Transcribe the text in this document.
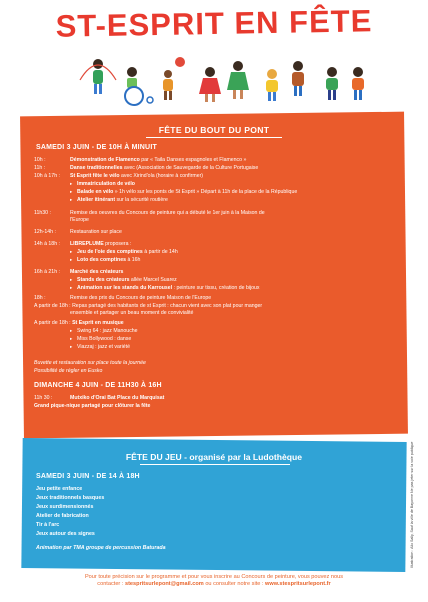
ST-ESPRIT EN FÊTE
FÊTE DU BOUT DU PONT
SAMEDI 3 JUIN - DE 10H À MINUIT
10h :	Démonstration de Flamenco par « Taila Danses espagnoles et Flamenco »
11h :	Danse traditionnelles avec (Association de Sauvegarde de la Culture Portugaise
10h à 17h : St Esprit fête le vélo avec Xirind'ola (horaire à confirmer)
▸ Immatriculation de vélo
▸ Balade en vélo » 1h vélo sur les ponts de St Esprit » Départ à 11h de la place de la République
▸ Atelier itinérant sur la sécurité routière
11h30 :	Remise des oeuvres du Concours de peinture qui a débuté le 1er juin à la Maison de
l'Europe
12h-14h :	Restauration sur place
14h à 18h : LIBREPLUME proposera :
▸ Jeu de l'oie des comptines à partir de 14h
▸ Loto des comptines à 16h
16h à 21h : Marché des créateurs
▸ Stands des créateurs allée Marcel Suarez
▸ Animation sur les stands du Karrousel : peinture sur tissu, création de bijoux
18h :	Remise des prix du Concours de peinture Maison de l'Europe
A partir de 18h : Repas partagé des habitants de st Esprit : chacun vient avec son plat pour manger
ensemble et partager un beau moment de convivialité
A partir de 18h : St Esprit en musique
▸ Swing 64 : jazz Manouche
▸ Miss Bollywood : danse
▸ Viazzaj : jazz et variété
Buvette et restauration sur place toute la journée
Possibilité de régler en Eusko
DIMANCHE 4 JUIN - DE 11H30 À 16H
11h 30 :	Mutxiko d'Orai Bat Place du Marquisat
Grand pique-nique partagé pour clôturer la fête
FÊTE DU JEU - organisé par la Ludothèque
SAMEDI 3 JUIN - DE 14 À 18H
Jeu petite enfance
Jeux traditionnels basques
Jeux surdimensionnés
Atelier de fabrication
Tir à l'arc
Jeux autour des signes
Animation par TMA groupe de percussion Baturada	Illustration : Alix Sally, Sauf la ville de Bayonne Ne pas jeter sur la voie publique
Pour toute précision sur le programme et pour vous inscrire au Concours de peinture, vous pouvez nous
contacter : stespritsurlepont@gmail.com ou consulter notre site : www.stespritsurlepont.fr
